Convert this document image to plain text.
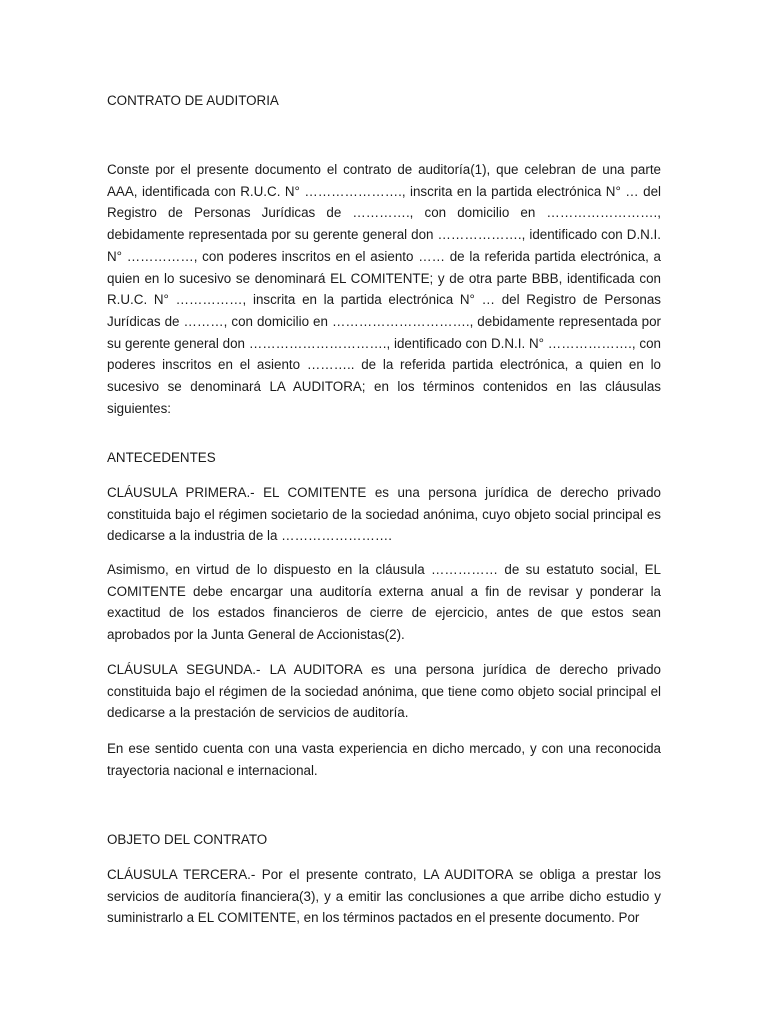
CONTRATO DE AUDITORIA

Conste por el presente documento el contrato de auditoría(1), que celebran de una parte AAA, identificada con R.U.C. N° …………………., inscrita en la partida electrónica N° … del Registro de Personas Jurídicas de …………., con domicilio en ……………………., debidamente representada por su gerente general don ………………., identificado con D.N.I. N° ……………, con poderes inscritos en el asiento …… de la referida partida electrónica, a quien en lo sucesivo se denominará EL COMITENTE; y de otra parte BBB, identificada con R.U.C. N° ……………, inscrita en la partida electrónica N° … del Registro de Personas Jurídicas de ………, con domicilio en …………………………., debidamente representada por su gerente general don …………………………., identificado con D.N.I. N° ………………., con poderes inscritos en el asiento ……….. de la referida partida electrónica, a quien en lo sucesivo se denominará LA AUDITORA; en los términos contenidos en las cláusulas siguientes:

ANTECEDENTES

CLÁUSULA PRIMERA.- EL COMITENTE es una persona jurídica de derecho privado constituida bajo el régimen societario de la sociedad anónima, cuyo objeto social principal es dedicarse a la industria de la …………………….

Asimismo, en virtud de lo dispuesto en la cláusula …………… de su estatuto social, EL COMITENTE debe encargar una auditoría externa anual a fin de revisar y ponderar la exactitud de los estados financieros de cierre de ejercicio, antes de que estos sean aprobados por la Junta General de Accionistas(2).

CLÁUSULA SEGUNDA.- LA AUDITORA es una persona jurídica de derecho privado constituida bajo el régimen de la sociedad anónima, que tiene como objeto social principal el dedicarse a la prestación de servicios de auditoría.

En ese sentido cuenta con una vasta experiencia en dicho mercado, y con una reconocida trayectoria nacional e internacional.

OBJETO DEL CONTRATO

CLÁUSULA TERCERA.- Por el presente contrato, LA AUDITORA se obliga a prestar los servicios de auditoría financiera(3), y a emitir las conclusiones a que arribe dicho estudio y suministrarlo a EL COMITENTE, en los términos pactados en el presente documento. Por
